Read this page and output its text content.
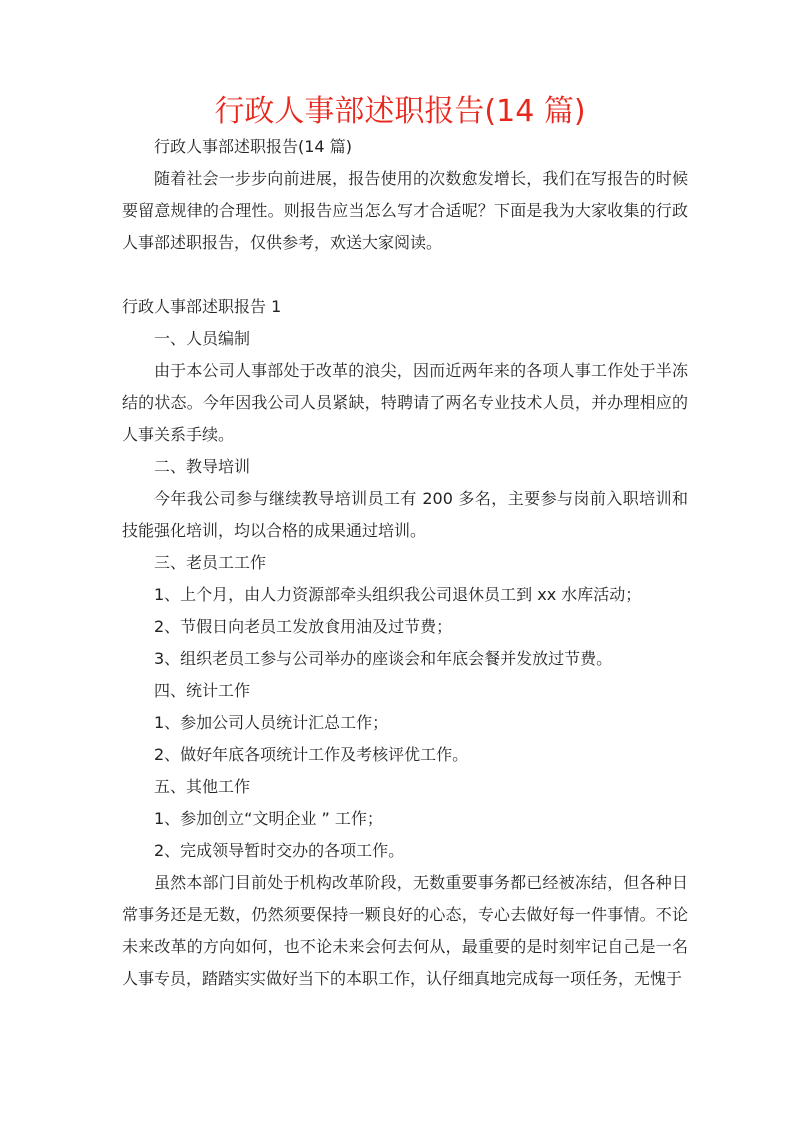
行政人事部述职报告(14 篇)

行政人事部述职报告(14 篇)

随着社会一步步向前进展，报告使用的次数愈发增长，我们在写报告的时候要留意规律的合理性。则报告应当怎么写才合适呢？下面是我为大家收集的行政人事部述职报告，仅供参考，欢送大家阅读。

行政人事部述职报告 1

一、人员编制

由于本公司人事部处于改革的浪尖，因而近两年来的各项人事工作处于半冻结的状态。今年因我公司人员紧缺，特聘请了两名专业技术人员，并办理相应的人事关系手续。

二、教导培训

今年我公司参与继续教导培训员工有 200 多名，主要参与岗前入职培训和技能强化培训，均以合格的成果通过培训。

三、老员工工作

1、上个月，由人力资源部牵头组织我公司退休员工到 xx 水库活动；

2、节假日向老员工发放食用油及过节费；

3、组织老员工参与公司举办的座谈会和年底会餐并发放过节费。

四、统计工作

1、参加公司人员统计汇总工作；

2、做好年底各项统计工作及考核评优工作。

五、其他工作

1、参加创立“文明企业 ” 工作；

2、完成领导暂时交办的各项工作。

虽然本部门目前处于机构改革阶段，无数重要事务都已经被冻结，但各种日常事务还是无数，仍然须要保持一颗良好的心态，专心去做好每一件事情。不论未来改革的方向如何，也不论未来会何去何从，最重要的是时刻牢记自己是一名人事专员，踏踏实实做好当下的本职工作，认仔细真地完成每一项任务，无愧于
